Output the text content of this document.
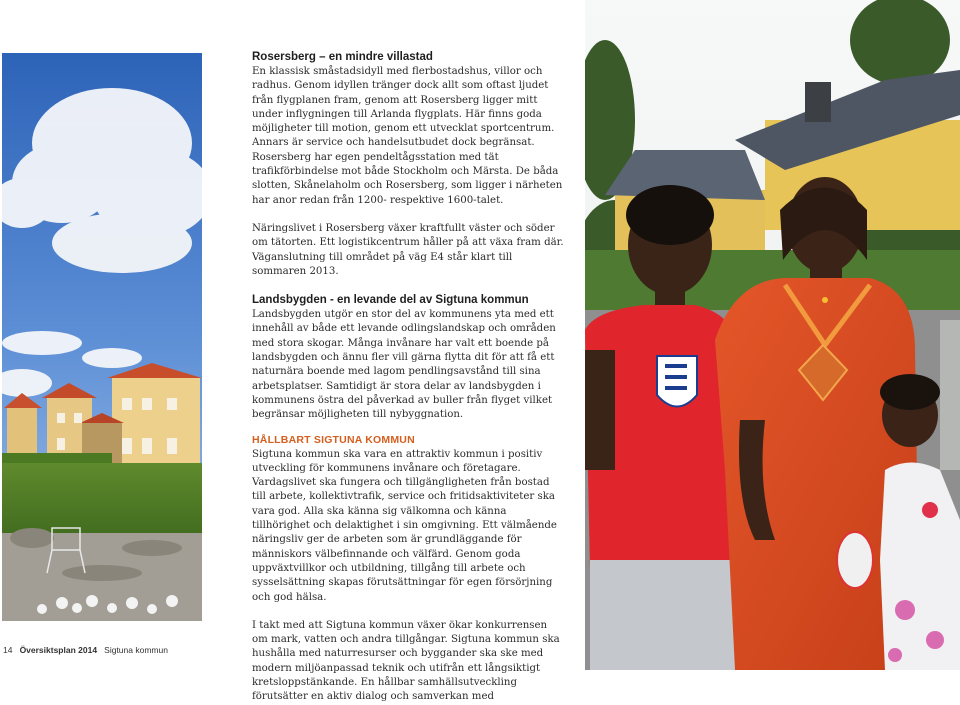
Rosersberg – en mindre villastad

En klassisk småstadsidyll med flerbostadshus, villor och radhus. Genom idyllen tränger dock allt som oftast ljudet från flygplanen fram, genom att Rosersberg ligger mitt under inflygningen till Arlanda flygplats. Här finns goda möjligheter till motion, genom ett utvecklat sportcentrum. Annars är service och handelsutbudet dock begränsat. Rosersberg har egen pendeltågsstation med tät trafikförbindelse mot både Stockholm och Märsta. De båda slotten, Skånelaholm och Rosersberg, som ligger i närheten har anor redan från 1200- respektive 1600-talet.

Näringslivet i Rosersberg växer kraftfullt väster och söder om tätorten. Ett logistikcentrum håller på att växa fram där. Väganslutning till området på väg E4 står klart till sommaren 2013.

Landsbygden - en levande del av Sigtuna kommun

Landsbygden utgör en stor del av kommunens yta med ett innehåll av både ett levande odlingslandskap och områden med stora skogar. Många invånare har valt ett boende på landsbygden och ännu fler vill gärna flytta dit för att få ett naturnära boende med lagom pendlingsavstånd till sina arbetsplatser. Samtidigt är stora delar av landsbygden i kommunens östra del påverkad av buller från flyget vilket begränsar möjligheten till nybyggnation.

HÅLLBART SIGTUNA KOMMUN

Sigtuna kommun ska vara en attraktiv kommun i positiv utveckling för kommunens invånare och företagare. Vardagslivet ska fungera och tillgängligheten från bostad till arbete, kollektivtrafik, service och fritidsaktiviteter ska vara god. Alla ska känna sig välkomna och känna tillhörighet och delaktighet i sin omgivning. Ett välmående näringsliv ger de arbeten som är grundläggande för människors välbefinnande och välfärd. Genom goda uppväxtvillkor och utbildning, tillgång till arbete och sysselsättning skapas förutsättningar för egen försörjning och god hälsa.

I takt med att Sigtuna kommun växer ökar konkurrensen om mark, vatten och andra tillgångar. Sigtuna kommun ska hushålla med naturresurser och byggander ska ske med modern miljöanpassad teknik och utifrån ett långsiktigt kretsloppstänkande. En hållbar samhällsutveckling förutsätter en aktiv dialog och samverkan med

14 Översiktsplan 2014 Sigtuna kommun
